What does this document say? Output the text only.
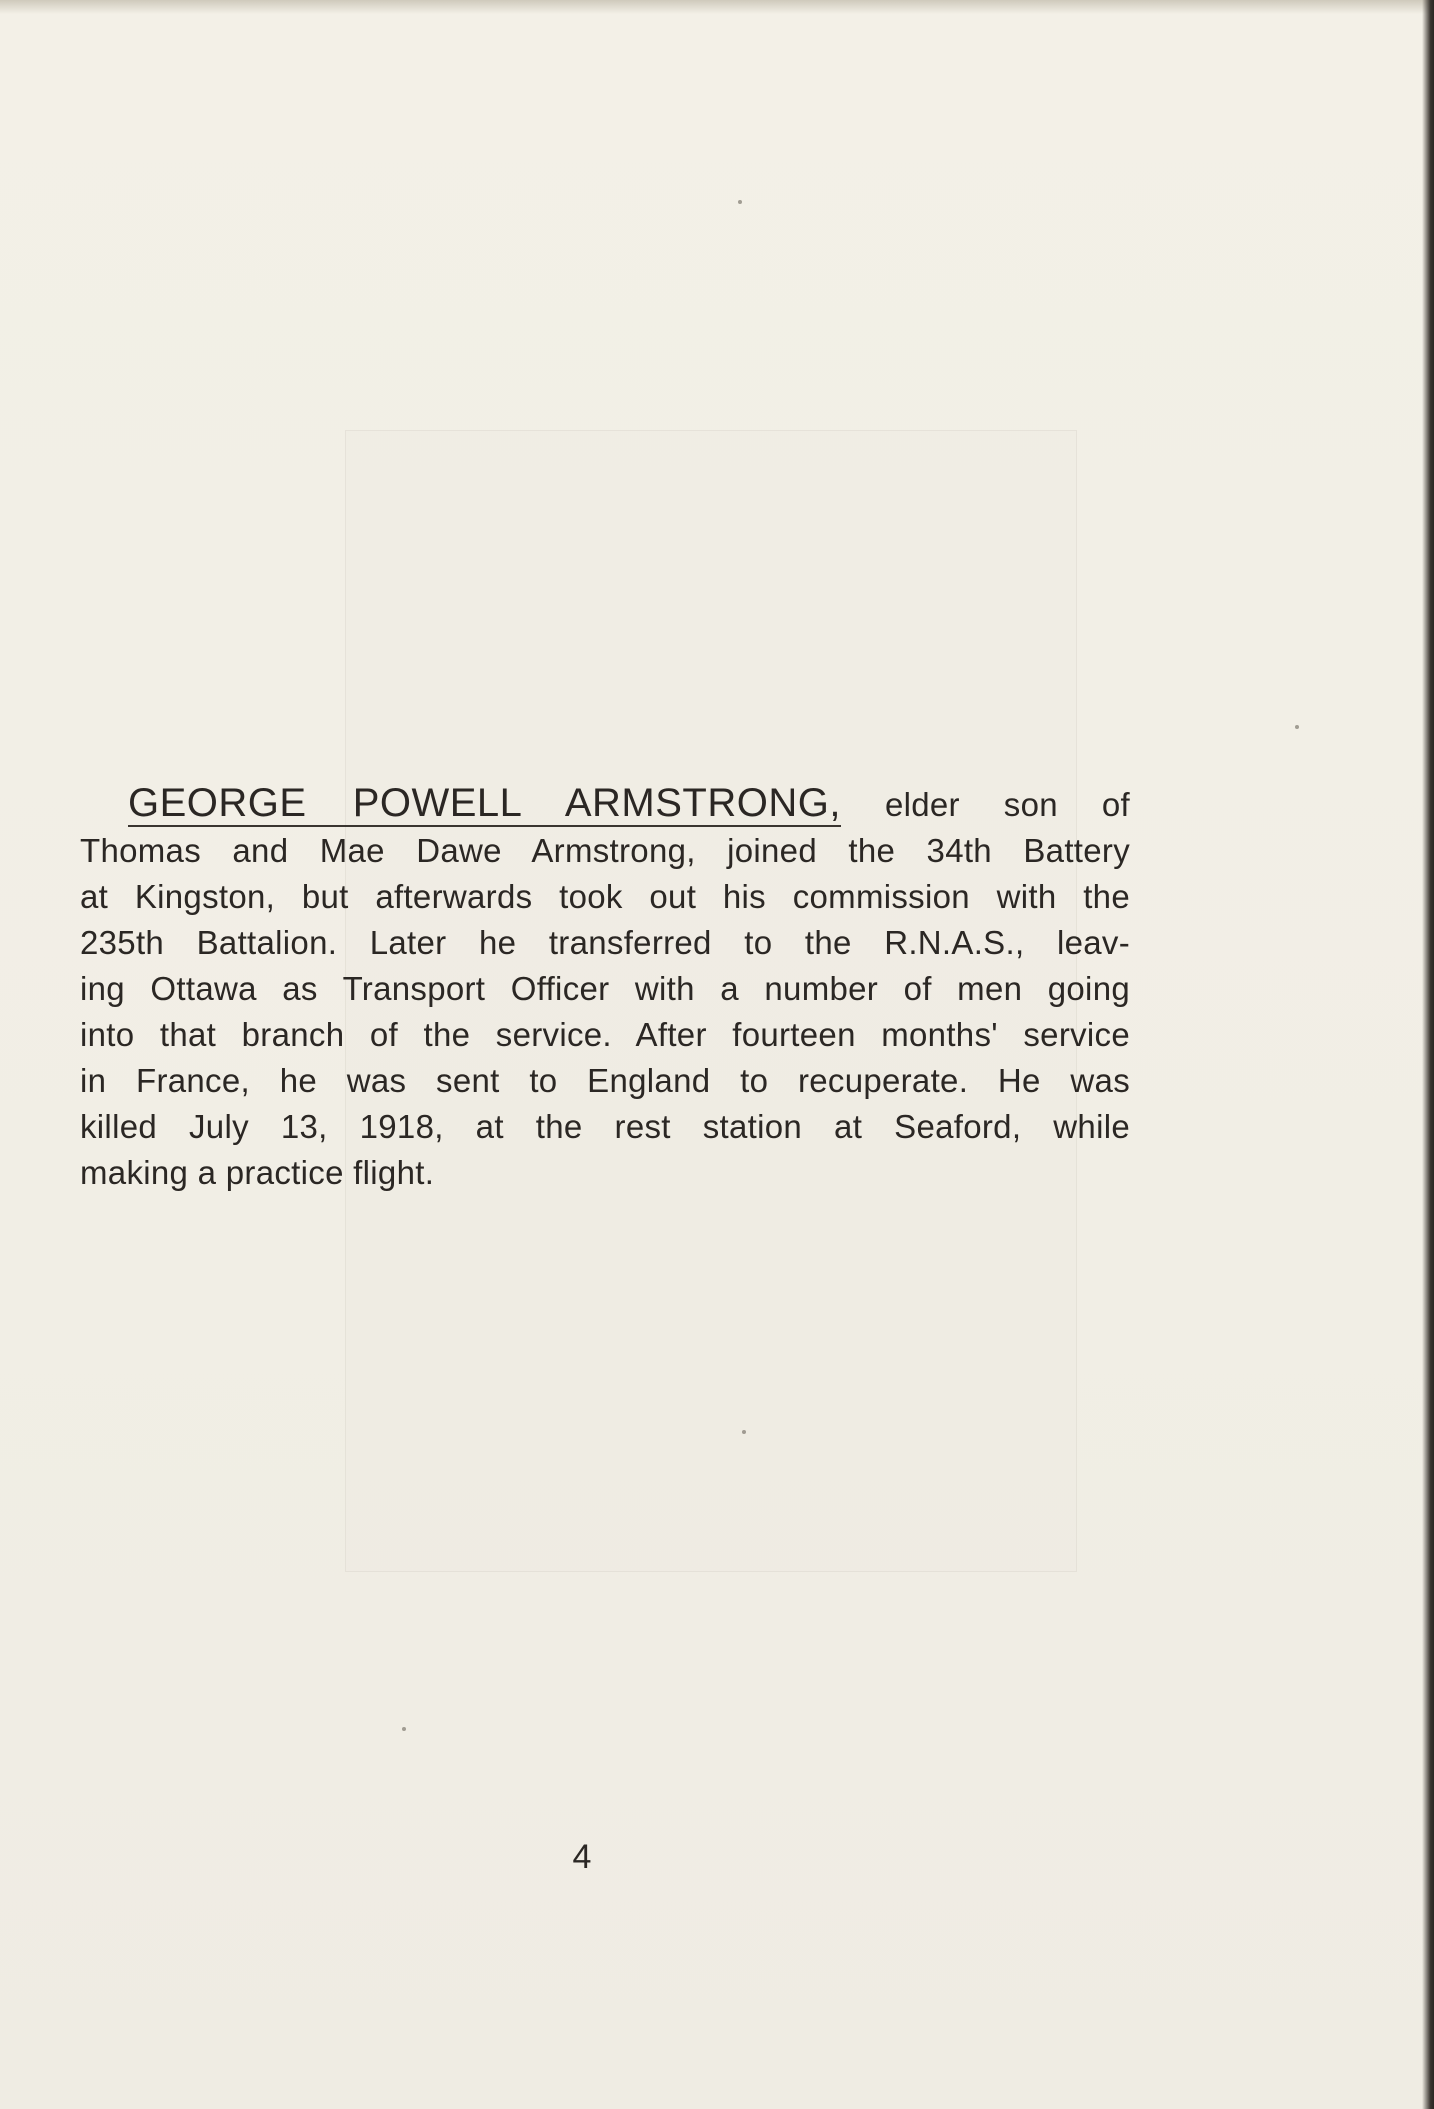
GEORGE POWELL ARMSTRONG, elder son of
Thomas and Mae Dawe Armstrong, joined the 34th Battery
at Kingston, but afterwards took out his commission with the
235th Battalion. Later he transferred to the R.N.A.S., leav-
ing Ottawa as Transport Officer with a number of men going
into that branch of the service. After fourteen months' service
in France, he was sent to England to recuperate. He was
killed July 13, 1918, at the rest station at Seaford, while
making a practice flight.
4
